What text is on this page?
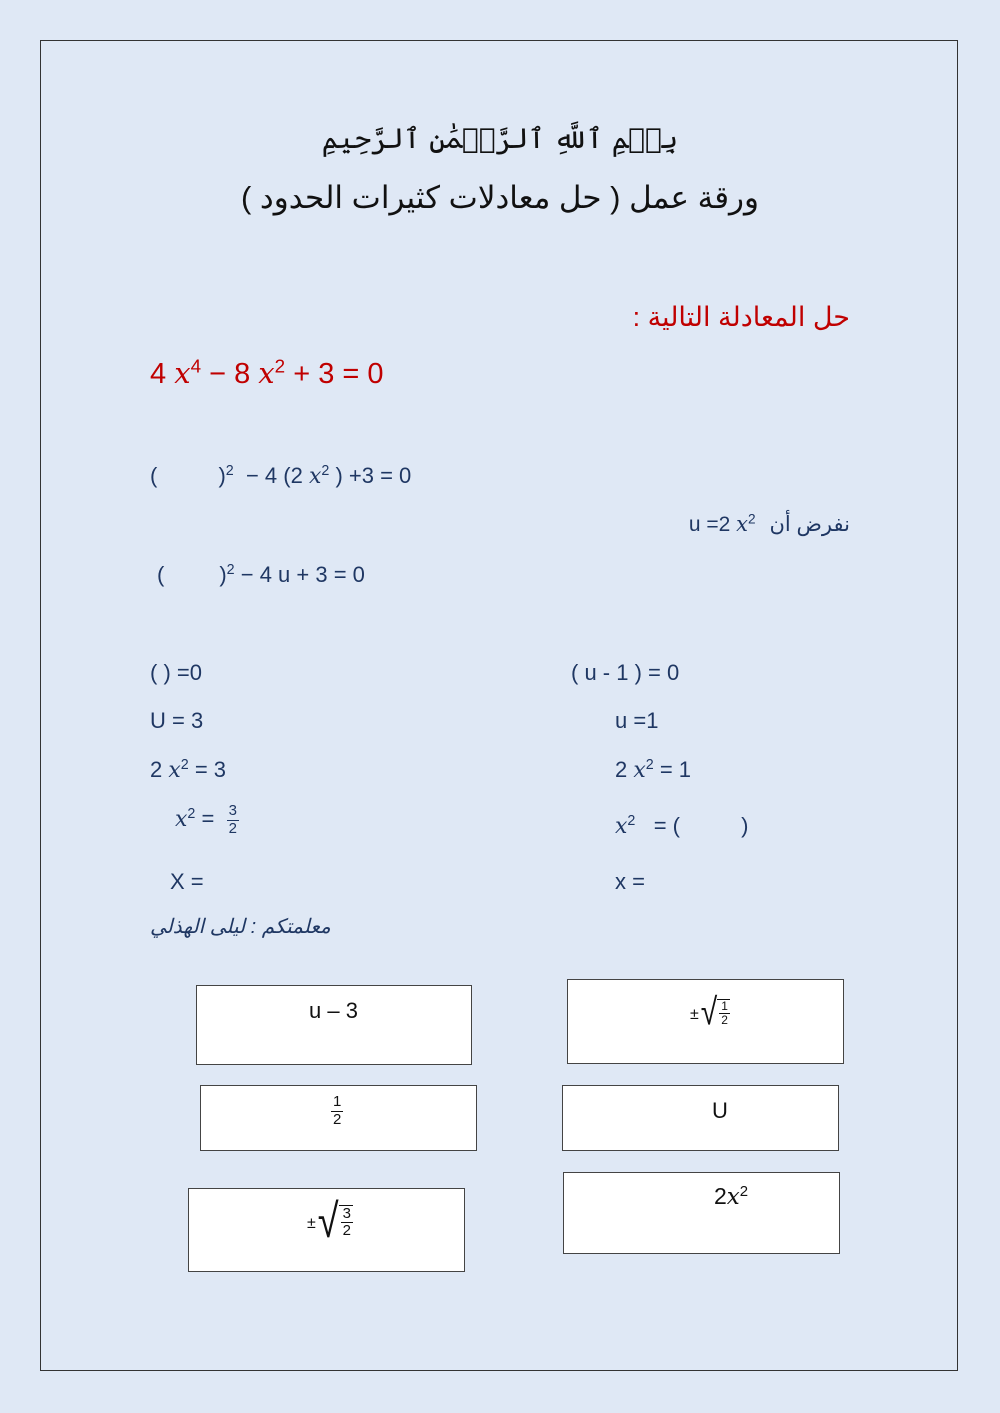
بِسۡمِ ٱللَّهِ ٱلرَّحۡمَٰنِ ٱلرَّحِيمِ
ورقة عمل ( حل معادلات كثيرات الحدود )
حل المعادلة التالية :
4 $x^4 - 8$ $x^2 + 3 = 0$
(          )$^2$  − 4 (2 $x^2$ ) +3 = 0
u =2 $x^2$ نفرض أن
(         )$^2$ − 4 u + 3 = 0
( ) =0
U = 3
2 $x^2 = 3$
$x^2 = \frac{3}{2}$
X =
( u - 1 ) = 0
u =1
2 $x^2 = 1$
$x^2$   = (          )
x =
معلمتكم : ليلى الهذلي
u – 3	± √ $\frac{1}{2}$
$\frac{1}{2}$	U
± √ $\frac{3}{2}$
$2x^2$
